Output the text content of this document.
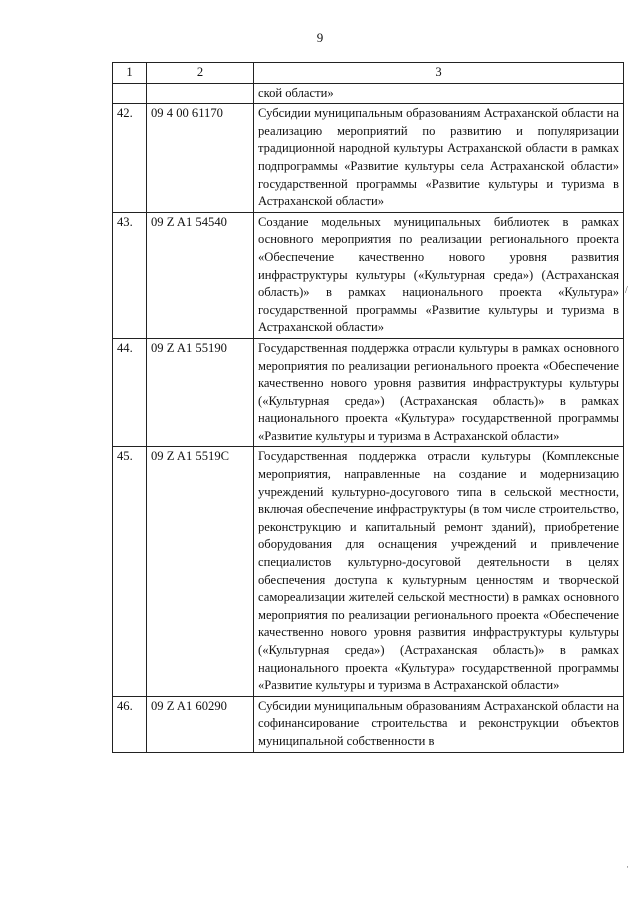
9
1	2	3
		ской области»
42.	09 4 00 61170	Субсидии муниципальным образованиям Астраханской области на реализацию мероприятий по развитию и популяризации традиционной народной культуры Астраханской области в рамках подпрограммы «Развитие культуры села Астраханской области» государственной программы «Развитие культуры и туризма в Астраханской области»
43.	09 Z A1 54540	Создание модельных муниципальных библиотек в рамках основного мероприятия по реализации регионального проекта «Обеспечение качественно нового уровня развития инфраструктуры культуры («Культурная среда») (Астраханская область)» в рамках национального проекта «Культура» государственной программы «Развитие культуры и туризма в Астраханской области»
44.	09 Z A1 55190	Государственная поддержка отрасли культуры в рамках основного мероприятия по реализации регионального проекта «Обеспечение качественно нового уровня развития инфраструктуры культуры («Культурная среда») (Астраханская область)» в рамках национального проекта «Культура» государственной программы «Развитие культуры и туризма в Астраханской области»
45.	09 Z A1 5519С	Государственная поддержка отрасли культуры (Комплексные мероприятия, направленные на создание и модернизацию учреждений культурно-досугового типа в сельской местности, включая обеспечение инфраструктуры (в том числе строительство, реконструкцию и капитальный ремонт зданий), приобретение оборудования для оснащения учреждений и привлечение специалистов культурно-досуговой деятельности в целях обеспечения доступа к культурным ценностям и творческой самореализации жителей сельской местности) в рамках основного мероприятия по реализации регионального проекта «Обеспечение качественно нового уровня развития инфраструктуры культуры («Культурная среда») (Астраханская область)» в рамках национального проекта «Культура» государственной программы «Развитие культуры и туризма в Астраханской области»
46.	09 Z A1 60290	Субсидии муниципальным образованиям Астраханской области на софинансирование строительства и реконструкции объектов муниципальной собственности в
/
·
